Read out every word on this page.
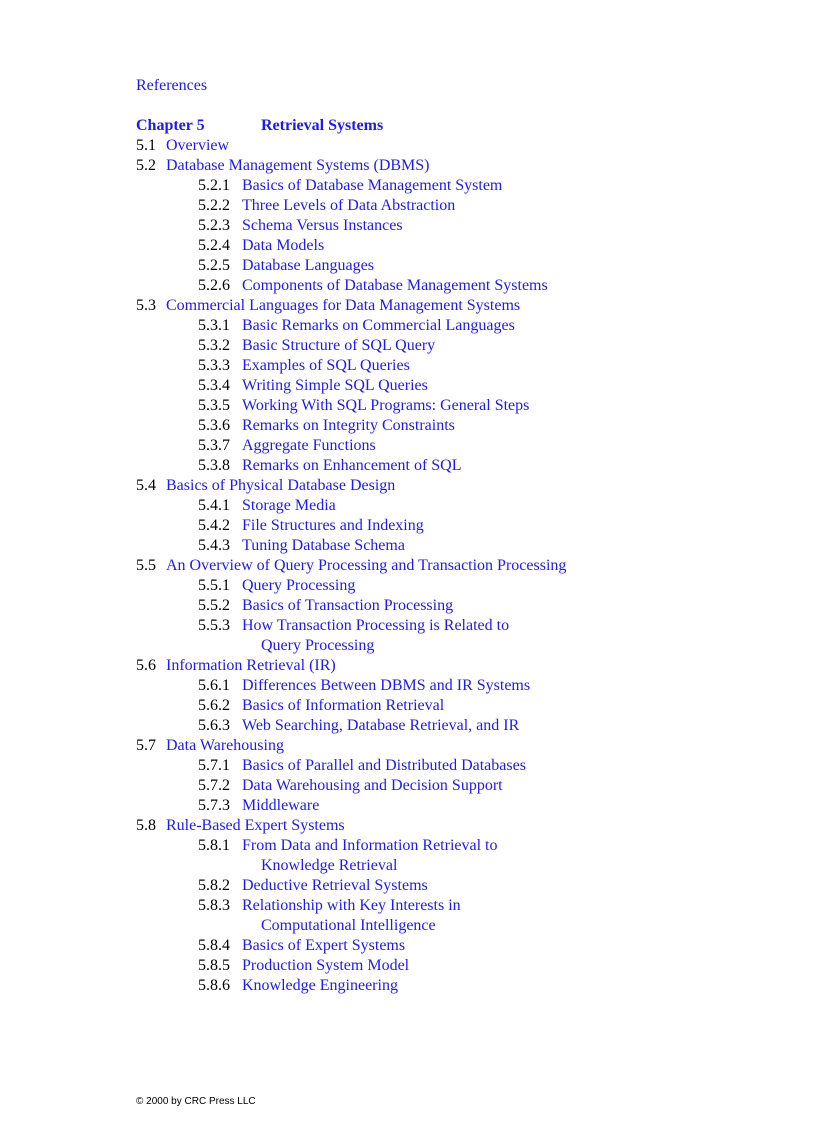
References
Chapter 5	Retrieval Systems
5.1 Overview
5.2 Database Management Systems (DBMS)
5.2.1 Basics of Database Management System
5.2.2 Three Levels of Data Abstraction
5.2.3 Schema Versus Instances
5.2.4 Data Models
5.2.5 Database Languages
5.2.6 Components of Database Management Systems
5.3 Commercial Languages for Data Management Systems
5.3.1 Basic Remarks on Commercial Languages
5.3.2 Basic Structure of SQL Query
5.3.3 Examples of SQL Queries
5.3.4 Writing Simple SQL Queries
5.3.5 Working With SQL Programs: General Steps
5.3.6 Remarks on Integrity Constraints
5.3.7 Aggregate Functions
5.3.8 Remarks on Enhancement of SQL
5.4 Basics of Physical Database Design
5.4.1 Storage Media
5.4.2 File Structures and Indexing
5.4.3 Tuning Database Schema
5.5 An Overview of Query Processing and Transaction Processing
5.5.1 Query Processing
5.5.2 Basics of Transaction Processing
5.5.3 How Transaction Processing is Related to
Query Processing
5.6 Information Retrieval (IR)
5.6.1 Differences Between DBMS and IR Systems
5.6.2 Basics of Information Retrieval
5.6.3 Web Searching, Database Retrieval, and IR
5.7 Data Warehousing
5.7.1 Basics of Parallel and Distributed Databases
5.7.2 Data Warehousing and Decision Support
5.7.3 Middleware
5.8 Rule-Based Expert Systems
5.8.1 From Data and Information Retrieval to
Knowledge Retrieval
5.8.2 Deductive Retrieval Systems
5.8.3 Relationship with Key Interests in
Computational Intelligence
5.8.4 Basics of Expert Systems
5.8.5 Production System Model
5.8.6 Knowledge Engineering
© 2000 by CRC Press LLC
